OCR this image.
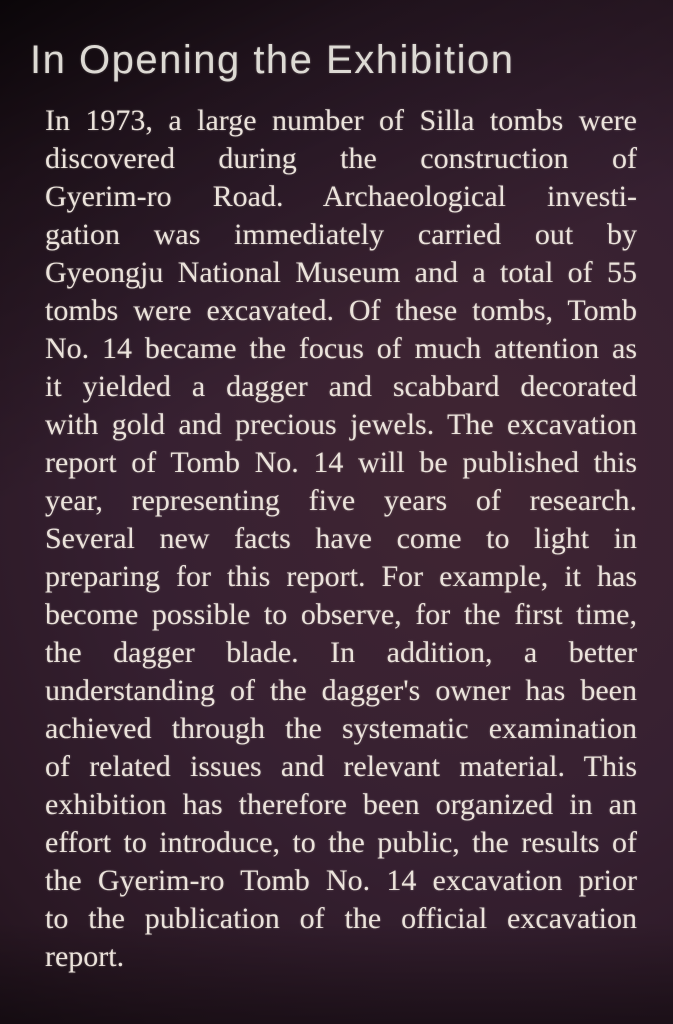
In Opening the Exhibition
In 1973, a large number of Silla tombs were
discovered during the construction of
Gyerim-ro Road. Archaeological investi-
gation was immediately carried out by
Gyeongju National Museum and a total of 55
tombs were excavated. Of these tombs, Tomb
No. 14 became the focus of much attention as
it yielded a dagger and scabbard decorated
with gold and precious jewels. The excavation
report of Tomb No. 14 will be published this
year, representing five years of research.
Several new facts have come to light in
preparing for this report. For example, it has
become possible to observe, for the first time,
the dagger blade. In addition, a better
understanding of the dagger's owner has been
achieved through the systematic examination
of related issues and relevant material. This
exhibition has therefore been organized in an
effort to introduce, to the public, the results of
the Gyerim-ro Tomb No. 14 excavation prior
to the publication of the official excavation
report.
